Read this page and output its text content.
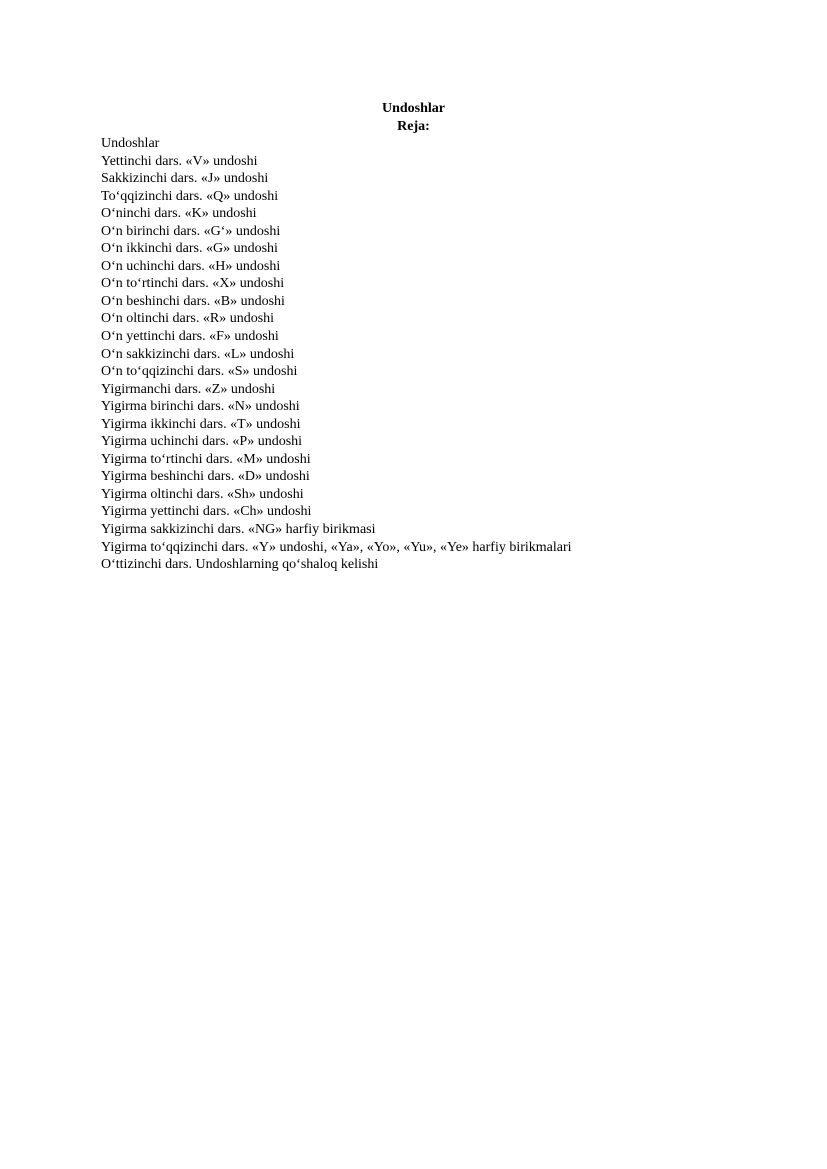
Undoshlar
Reja:
Undoshlar
Yettinchi dars. «V» undoshi
Sakkizinchi dars. «J» undoshi
To‘qqizinchi dars. «Q» undoshi
O‘ninchi dars. «K» undoshi
O‘n birinchi dars. «G‘» undoshi
O‘n ikkinchi dars. «G» undoshi
O‘n uchinchi dars. «H» undoshi
O‘n to‘rtinchi dars. «X» undoshi
O‘n beshinchi dars. «B» undoshi
O‘n oltinchi dars. «R» undoshi
O‘n yettinchi dars. «F» undoshi
O‘n sakkizinchi dars. «L» undoshi
O‘n to‘qqizinchi dars. «S» undoshi
Yigirmanchi dars. «Z» undoshi
Yigirma birinchi dars. «N» undoshi
Yigirma ikkinchi dars. «T» undoshi
Yigirma uchinchi dars. «P» undoshi
Yigirma to‘rtinchi dars. «M» undoshi
Yigirma beshinchi dars. «D» undoshi
Yigirma oltinchi dars. «Sh» undoshi
Yigirma yettinchi dars. «Ch» undoshi
Yigirma sakkizinchi dars. «NG» harfiy birikmasi
Yigirma to‘qqizinchi dars. «Y» undoshi, «Ya», «Yo», «Yu», «Ye» harfiy birikmalari
O‘ttizinchi dars. Undoshlarning qo‘shaloq kelishi
